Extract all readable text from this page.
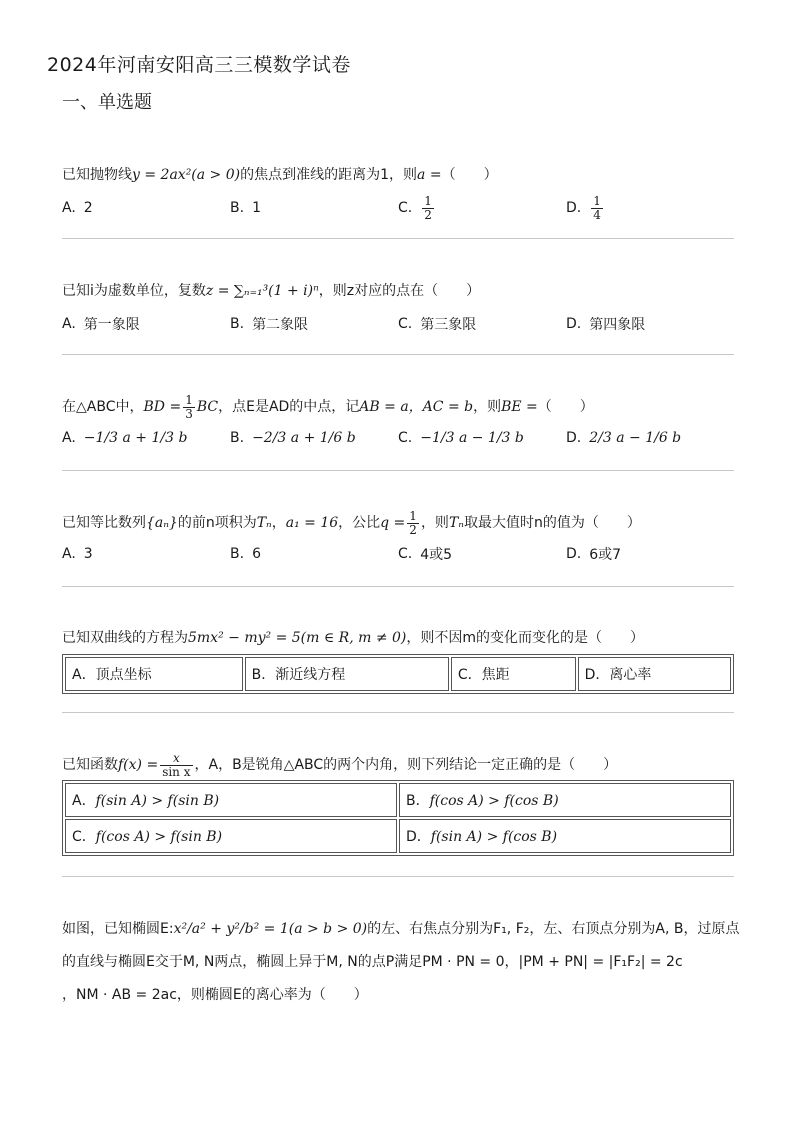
2024年河南安阳高三三模数学试卷
一、单选题
已知抛物线y = 2ax²(a > 0)的焦点到准线的距离为1，则a =（　　）
A. 2	B. 1	C. $\frac{1}{2}$	D. $\frac{1}{4}$
已知i为虚数单位，复数z = ∑ₙ₌₁³(1 + i)ⁿ，则z对应的点在（　　）
A. 第一象限	B. 第二象限	C. 第三象限	D. 第四象限
在△ABC中，BD = $\frac{1}{3}$ BC，点E是AD的中点，记AB = a，AC = b，则BE =（　　）
A. −1/3 a + 1/3 b	B. −2/3 a + 1/6 b	C. −1/3 a − 1/3 b	D. 2/3 a − 1/6 b
已知等比数列{aₙ}的前n项积为Tₙ，a₁ = 16，公比$q = \frac{1}{2}$ ，则Tₙ取最大值时n的值为（　　）
A. 3	B. 6	C. 4或5	D. 6或7
已知双曲线的方程为5mx² − my² = 5(m ∈ R, m ≠ 0)，则不因m的变化而变化的是（　　）
A．顶点坐标	B．渐近线方程	C．焦距	D．离心率
已知函数$f(x) = \frac{x}{\text{sin x}}$ ，A，B是锐角△ABC的两个内角，则下列结论一定正确的是（　　）
A．f(sin A) > f(sin B)	B．f(cos A) > f(cos B)
C．f(cos A) > f(sin B)	D．f(sin A) > f(cos B)
如图，已知椭圆E:x²/a² + y²/b² = 1(a > b > 0)的左、右焦点分别为F₁, F₂，左、右顶点分别为A, B，过原点
的直线与椭圆E交于M, N两点，椭圆上异于M, N的点P满足PM · PN = 0，|PM + PN| = |F₁F₂| = 2c
，NM · AB = 2ac，则椭圆E的离心率为（　　）
